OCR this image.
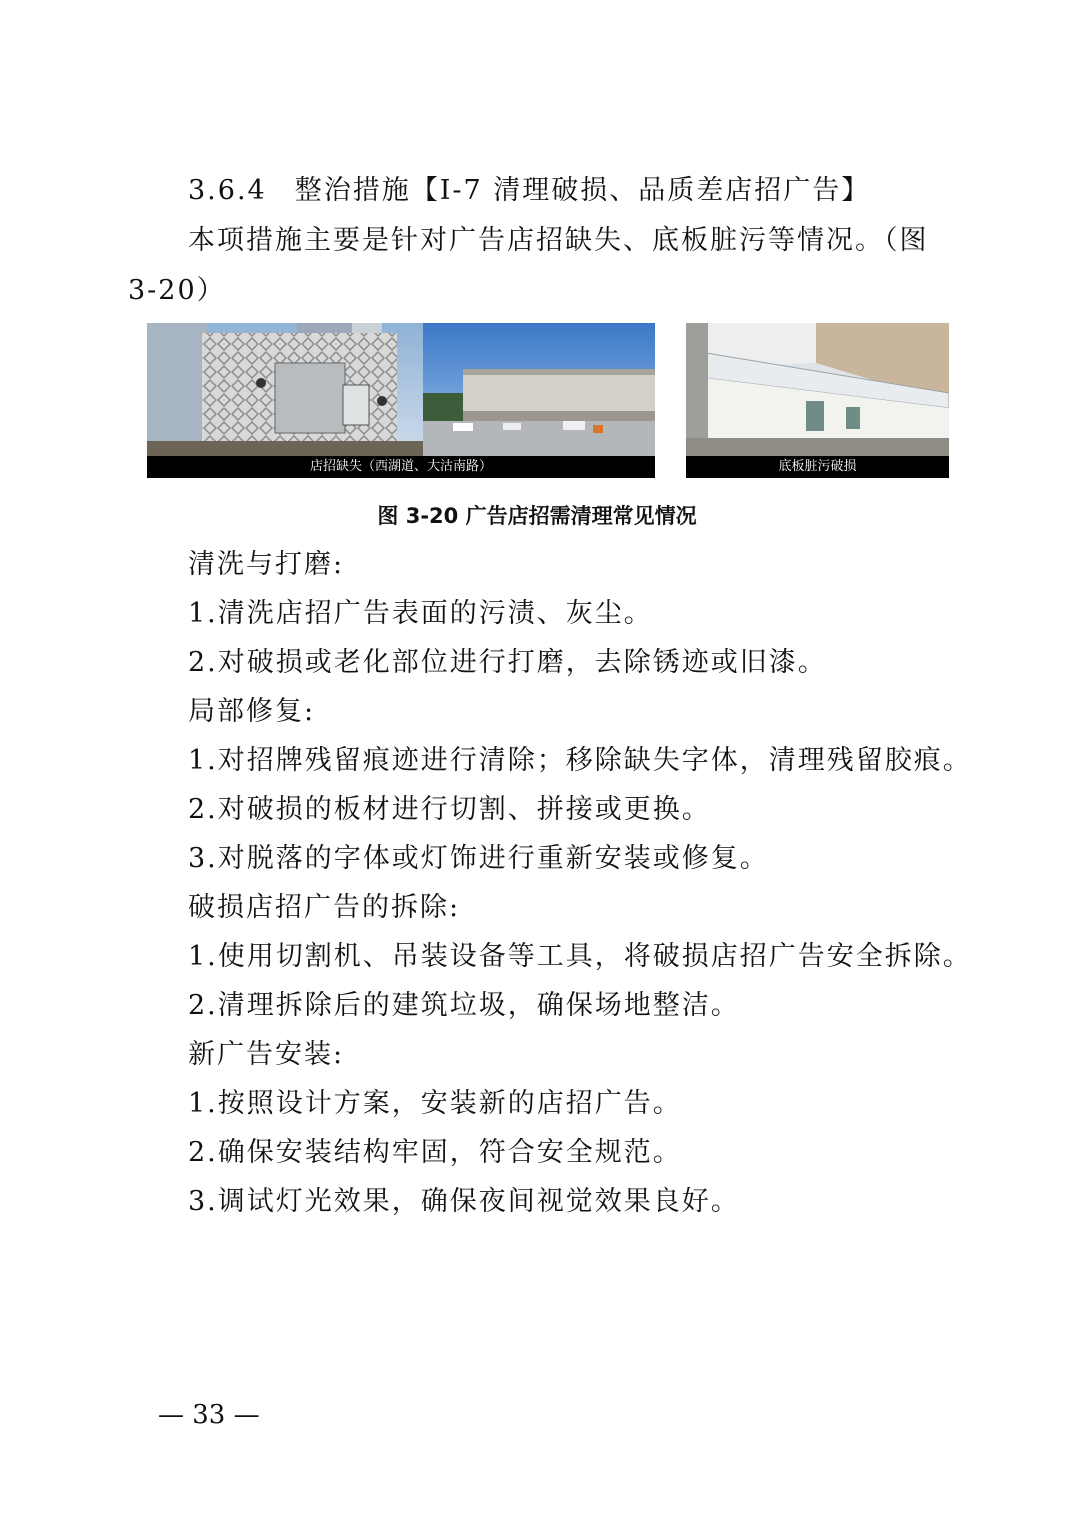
3.6.4 整治措施【Ⅰ-7 清理破损、品质差店招广告】
本项措施主要是针对广告店招缺失、底板脏污等情况。（图
3-20）
店招缺失（西湖道、大沽南路）	底板脏污破损
图 3-20 广告店招需清理常见情况
清洗与打磨:
1.清洗店招广告表面的污渍、灰尘。
2.对破损或老化部位进行打磨，去除锈迹或旧漆。
局部修复:
1.对招牌残留痕迹进行清除；移除缺失字体，清理残留胶痕。
2.对破损的板材进行切割、拼接或更换。
3.对脱落的字体或灯饰进行重新安装或修复。
破损店招广告的拆除:
1.使用切割机、吊装设备等工具，将破损店招广告安全拆除。
2.清理拆除后的建筑垃圾，确保场地整洁。
新广告安装:
1.按照设计方案，安装新的店招广告。
2.确保安装结构牢固，符合安全规范。
3.调试灯光效果，确保夜间视觉效果良好。
— 33 —
